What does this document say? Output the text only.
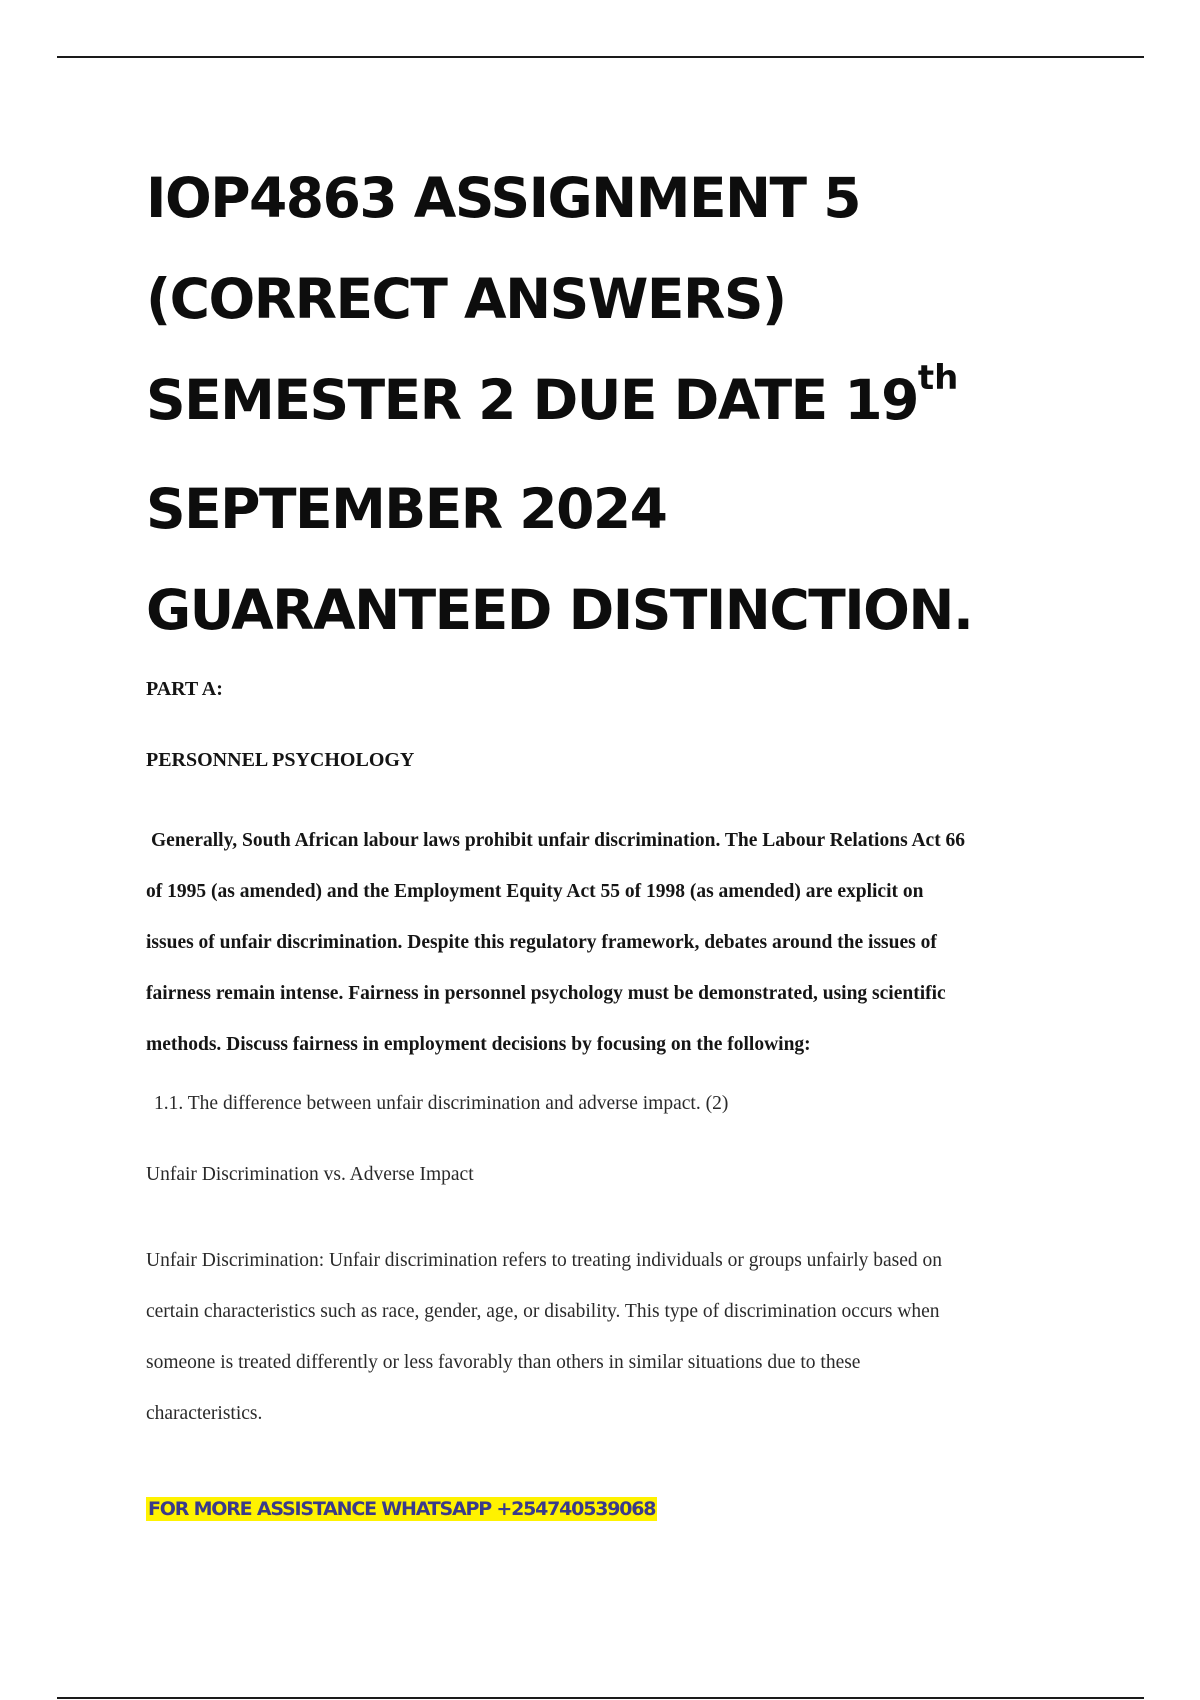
IOP4863 ASSIGNMENT 5
(CORRECT ANSWERS)
SEMESTER 2 DUE DATE 19th
SEPTEMBER 2024
GUARANTEED DISTINCTION.
PART A:
PERSONNEL PSYCHOLOGY
Generally, South African labour laws prohibit unfair discrimination. The Labour Relations Act 66
of 1995 (as amended) and the Employment Equity Act 55 of 1998 (as amended) are explicit on
issues of unfair discrimination. Despite this regulatory framework, debates around the issues of
fairness remain intense. Fairness in personnel psychology must be demonstrated, using scientific
methods. Discuss fairness in employment decisions by focusing on the following:
1.1. The difference between unfair discrimination and adverse impact. (2)
Unfair Discrimination vs. Adverse Impact
Unfair Discrimination: Unfair discrimination refers to treating individuals or groups unfairly based on
certain characteristics such as race, gender, age, or disability. This type of discrimination occurs when
someone is treated differently or less favorably than others in similar situations due to these
characteristics.
FOR MORE ASSISTANCE WHATSAPP +254740539068
